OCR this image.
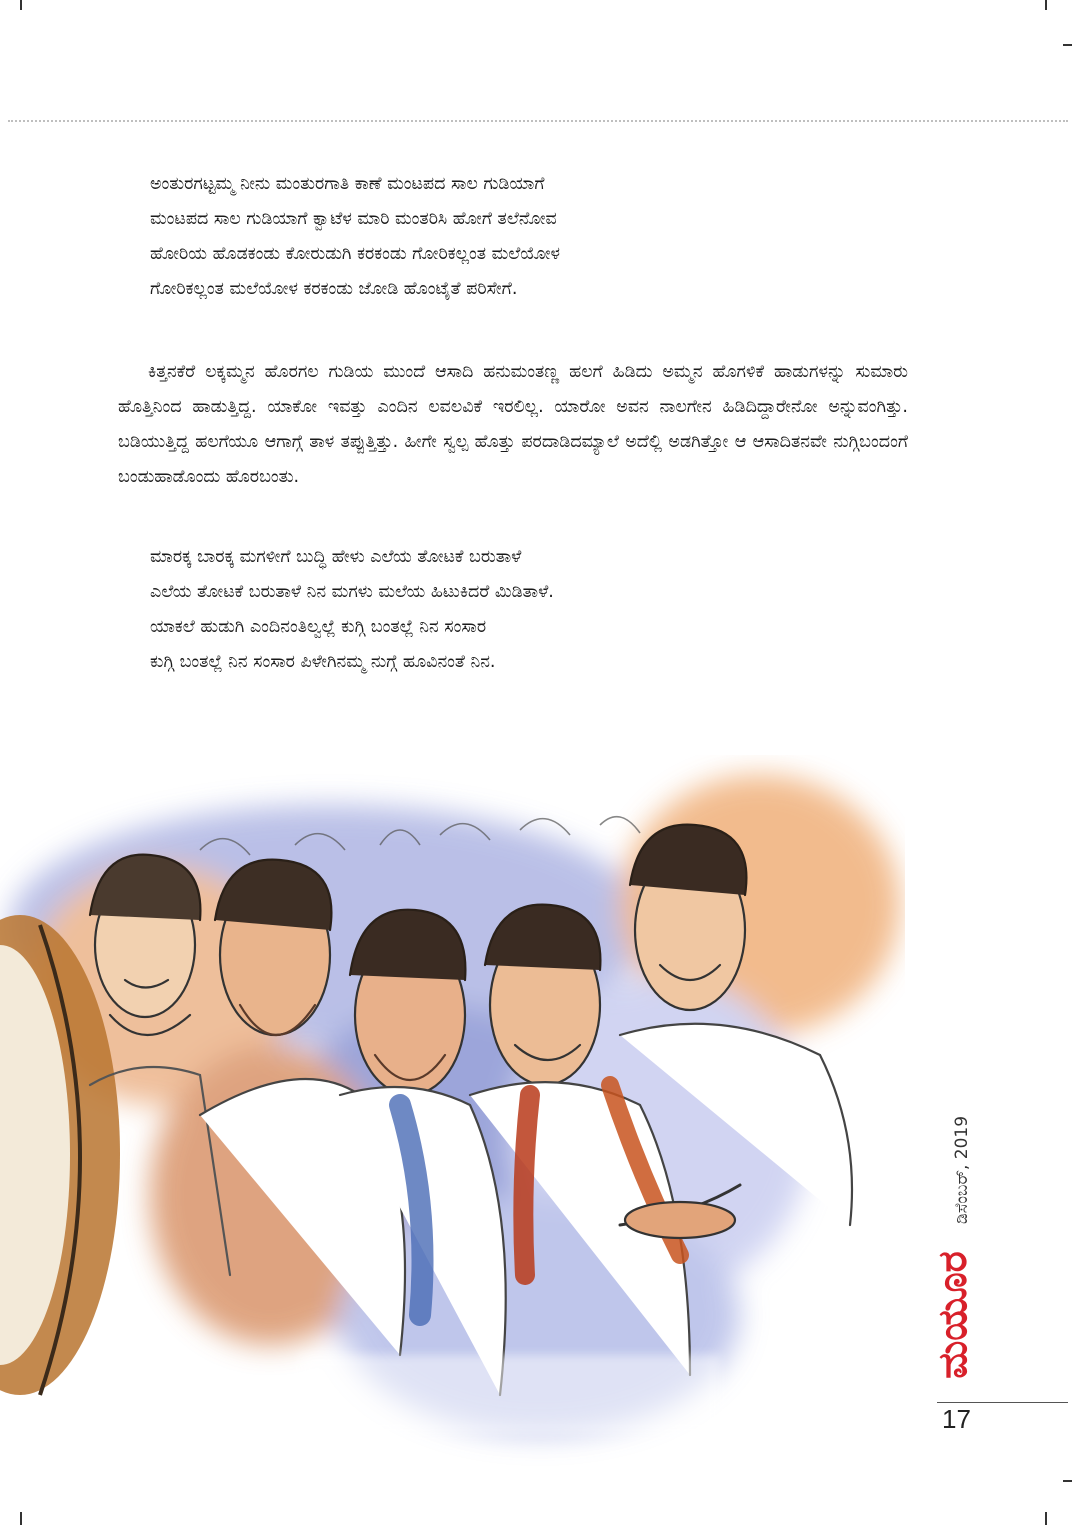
ಅಂತುರಗಟ್ಟಮ್ಮ ನೀನು ಮಂತುರಗಾತಿ ಕಾಣೆ ಮಂಟಪದ ಸಾಲ ಗುಡಿಯಾಗೆ
ಮಂಟಪದ ಸಾಲ ಗುಡಿಯಾಗೆ ಕ್ವಾಟೆಳ ಮಾರಿ ಮಂತರಿಸಿ ಹೋಗೆ ತಲೆನೋವ
ಹೋರಿಯ ಹೊಡಕಂಡು ಕೋರುಡುಗಿ ಕರಕಂಡು ಗೋರಿಕಲ್ಲಂತ ಮಲೆಯೋಳ
ಗೋರಿಕಲ್ಲಂತ ಮಲೆಯೋಳ ಕರಕಂಡು ಜೋಡಿ ಹೊಂಟೈತೆ ಪರಿಸೇಗೆ.

ಕಿತ್ತನಕೆರೆ ಲಕ್ಕಮ್ಮನ ಹೊರಗಲ ಗುಡಿಯ ಮುಂದೆ ಆಸಾದಿ ಹನುಮಂತಣ್ಣ ಹಲಗೆ ಹಿಡಿದು ಅಮ್ಮನ ಹೊಗಳಿಕೆ ಹಾಡುಗಳನ್ನು ಸುಮಾರು ಹೊತ್ತಿನಿಂದ ಹಾಡುತ್ತಿದ್ದ. ಯಾಕೋ ಇವತ್ತು ಎಂದಿನ ಲವಲವಿಕೆ ಇರಲಿಲ್ಲ. ಯಾರೋ ಅವನ ನಾಲಗೇನ ಹಿಡಿದಿದ್ದಾರೇನೋ ಅನ್ನುವಂಗಿತ್ತು. ಬಡಿಯುತ್ತಿದ್ದ ಹಲಗೆಯೂ ಆಗಾಗ್ಗೆ ತಾಳ ತಪ್ಪುತ್ತಿತ್ತು. ಹೀಗೇ ಸ್ವಲ್ಪ ಹೊತ್ತು ಪರದಾಡಿದಮ್ಯಾಲೆ ಅದೆಲ್ಲಿ ಅಡಗಿತ್ತೋ ಆ ಆಸಾದಿತನವೇ ನುಗ್ಗಿಬಂದಂಗೆ ಬಂಡುಹಾಡೊಂದು ಹೊರಬಂತು.

ಮಾರಕ್ಕ ಬಾರಕ್ಕ ಮಗಳೀಗೆ ಬುದ್ಧಿ ಹೇಳು ಎಲೆಯ ತೋಟಕೆ ಬರುತಾಳೆ
ಎಲೆಯ ತೋಟಕೆ ಬರುತಾಳೆ ನಿನ ಮಗಳು ಮಲೆಯ ಹಿಟುಕಿದರೆ ಮಿಡಿತಾಳೆ.
ಯಾಕಲೆ ಹುಡುಗಿ ಎಂದಿನಂತಿಲ್ವಲ್ಲೆ ಕುಗ್ಗಿ ಬಂತಲ್ಲೆ ನಿನ ಸಂಸಾರ
ಕುಗ್ಗಿ ಬಂತಲ್ಲೆ ನಿನ ಸಂಸಾರ ಪಿಳೇಗಿನಮ್ಮ ನುಗ್ಗೆ ಹೂವಿನಂತೆ ನಿನ.
ಡಿಸೆಂಬರ್, 2019
ಮಯೂರ
17
